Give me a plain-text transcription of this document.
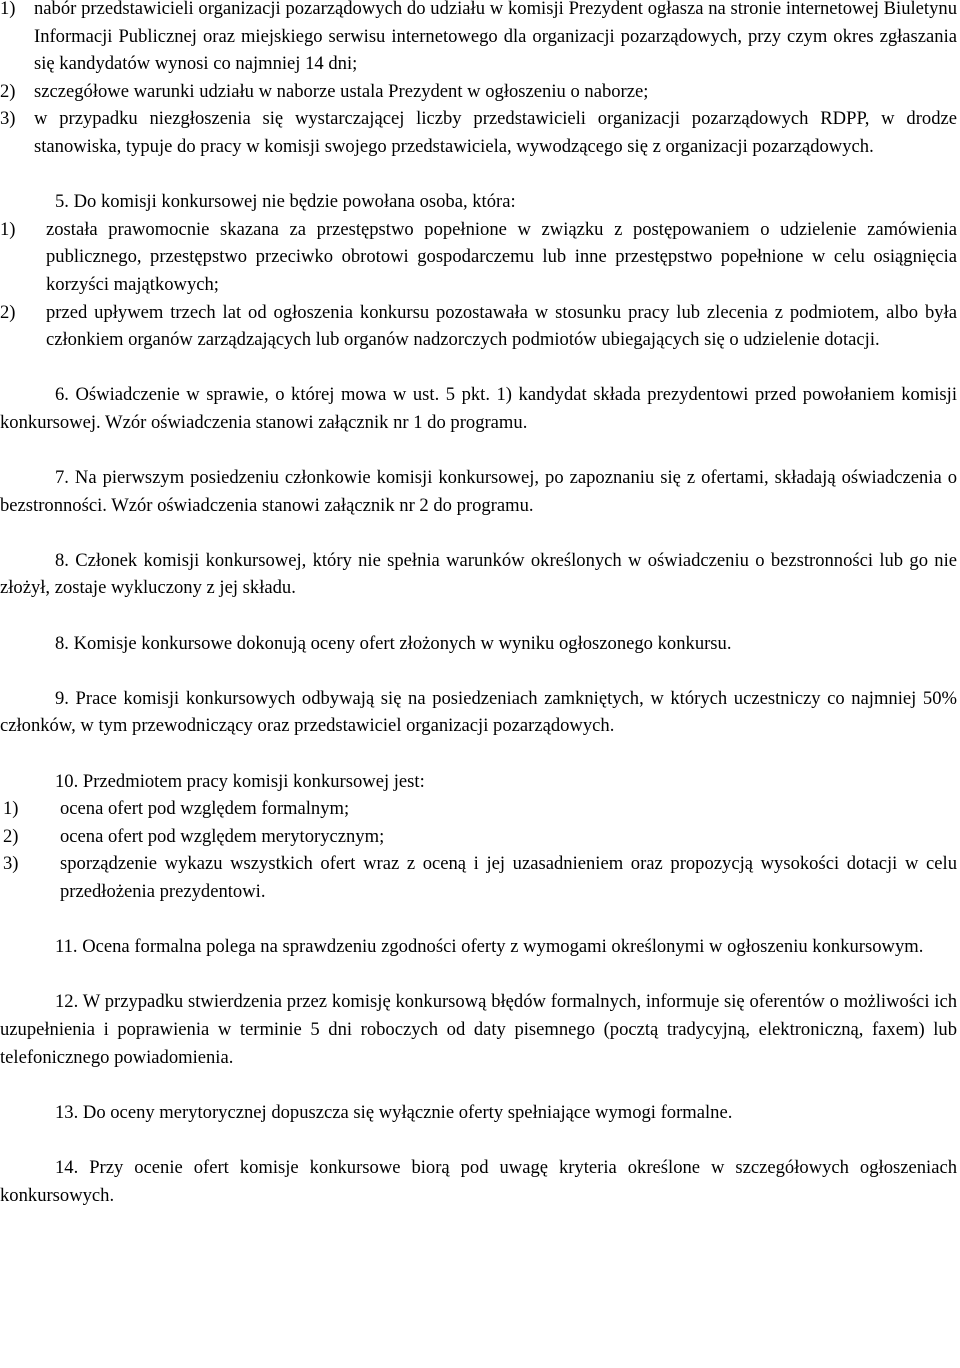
1) nabór przedstawicieli organizacji pozarządowych do udziału w komisji Prezydent ogłasza na stronie internetowej Biuletynu Informacji Publicznej oraz miejskiego serwisu internetowego dla organizacji pozarządowych, przy czym okres zgłaszania się kandydatów wynosi co najmniej 14 dni;
2) szczegółowe warunki udziału w naborze ustala Prezydent w ogłoszeniu o naborze;
3) w przypadku niezgłoszenia się wystarczającej liczby przedstawicieli organizacji pozarządowych RDPP, w drodze stanowiska, typuje do pracy w komisji swojego przedstawiciela, wywodzącego się z organizacji pozarządowych.

5. Do komisji konkursowej nie będzie powołana osoba, która:

1)	została prawomocnie skazana za przestępstwo popełnione w związku z postępowaniem o udzielenie zamówienia publicznego, przestępstwo przeciwko obrotowi gospodarczemu lub inne przestępstwo popełnione w celu osiągnięcia korzyści majątkowych;
2)	przed upływem trzech lat od ogłoszenia konkursu pozostawała w stosunku pracy lub zlecenia z podmiotem, albo była członkiem organów zarządzających lub organów nadzorczych podmiotów ubiegających się o udzielenie dotacji.

6. Oświadczenie w sprawie, o której mowa w ust. 5 pkt. 1) kandydat składa prezydentowi przed powołaniem komisji konkursowej. Wzór oświadczenia stanowi załącznik nr 1 do programu.

7. Na pierwszym posiedzeniu członkowie komisji konkursowej, po zapoznaniu się z ofertami, składają oświadczenia o bezstronności. Wzór oświadczenia stanowi załącznik nr 2 do programu.

8. Członek komisji konkursowej, który nie spełnia warunków określonych w oświadczeniu o bezstronności lub go nie złożył, zostaje wykluczony z jej składu.

8. Komisje konkursowe dokonują oceny ofert złożonych w wyniku ogłoszonego konkursu.

9. Prace komisji konkursowych odbywają się na posiedzeniach zamkniętych, w których uczestniczy co najmniej 50% członków, w tym przewodniczący oraz przedstawiciel organizacji pozarządowych.

10. Przedmiotem pracy komisji konkursowej jest:

1)	ocena ofert pod względem formalnym;
2)	ocena ofert pod względem merytorycznym;
3)	sporządzenie wykazu wszystkich ofert wraz z oceną i jej uzasadnieniem oraz propozycją wysokości dotacji w celu przedłożenia prezydentowi.

11. Ocena formalna polega na sprawdzeniu zgodności oferty z wymogami określonymi w ogłoszeniu konkursowym.

12. W przypadku stwierdzenia przez komisję konkursową błędów formalnych, informuje się oferentów o możliwości ich uzupełnienia i poprawienia w terminie 5 dni roboczych od daty pisemnego (pocztą tradycyjną, elektroniczną, faxem) lub telefonicznego powiadomienia.

13. Do oceny merytorycznej dopuszcza się wyłącznie oferty spełniające wymogi formalne.

14. Przy ocenie ofert komisje konkursowe biorą pod uwagę kryteria określone w szczegółowych ogłoszeniach konkursowych.
